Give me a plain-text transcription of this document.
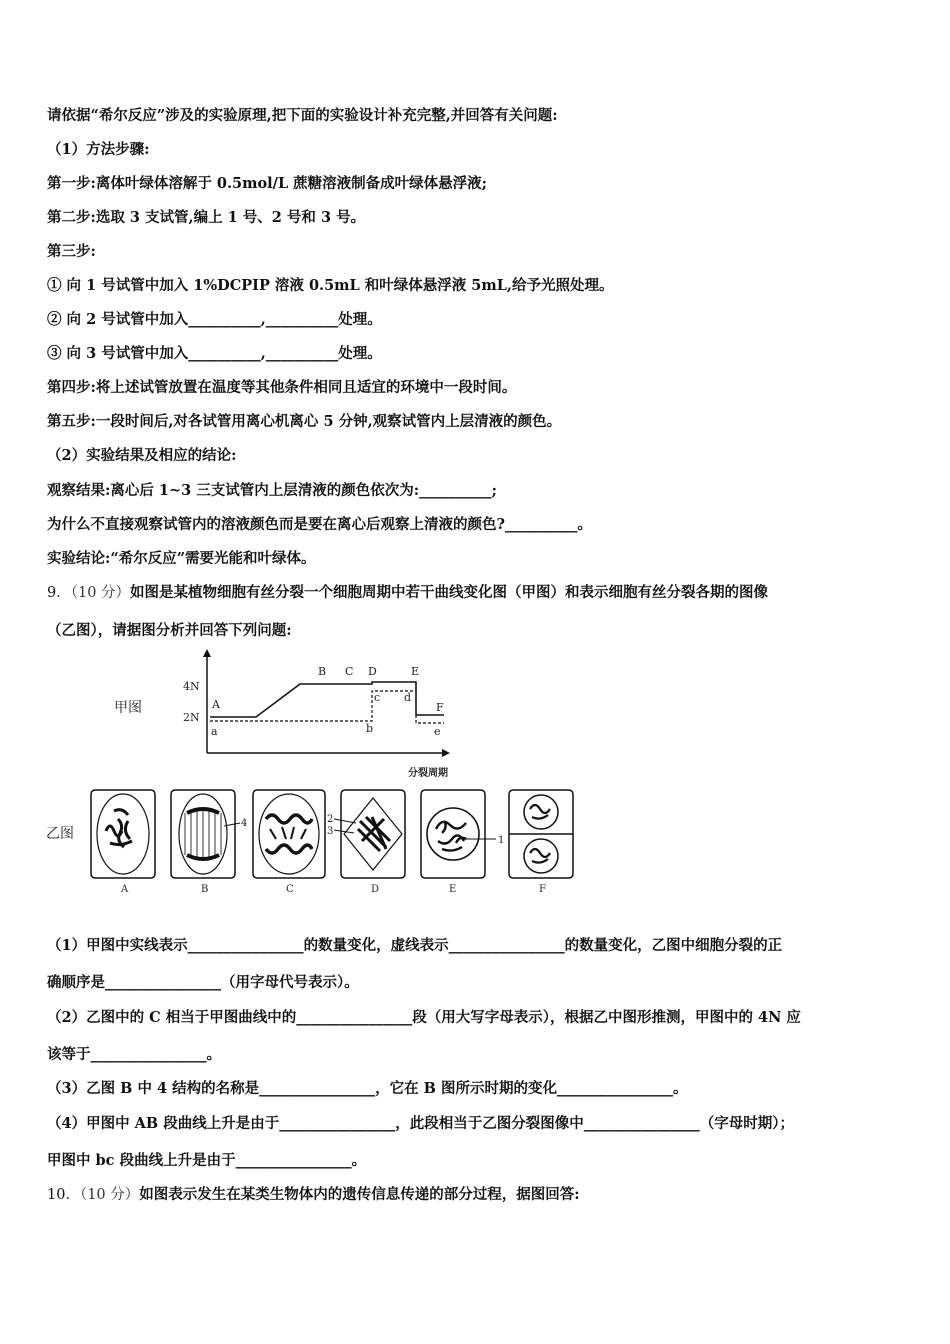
请依据“希尔反应”涉及的实验原理,把下面的实验设计补充完整,并回答有关问题:
（1）方法步骤:
第一步:离体叶绿体溶解于 0.5mol/L 蔗糖溶液制备成叶绿体悬浮液;
第二步:选取 3 支试管,编上 1 号、2 号和 3 号。
第三步:
① 向 1 号试管中加入 1%DCPIP 溶液 0.5mL 和叶绿体悬浮液 5mL,给予光照处理。
② 向 2 号试管中加入__________,__________处理。
③ 向 3 号试管中加入__________,__________处理。
第四步:将上述试管放置在温度等其他条件相同且适宜的环境中一段时间。
第五步:一段时间后,对各试管用离心机离心 5 分钟,观察试管内上层清液的颜色。
（2）实验结果及相应的结论:
观察结果:离心后 1~3 三支试管内上层清液的颜色依次为:__________;
为什么不直接观察试管内的溶液颜色而是要在离心后观察上清液的颜色?__________。
实验结论:“希尔反应”需要光能和叶绿体。
9．（10 分）如图是某植物细胞有丝分裂一个细胞周期中若干曲线变化图（甲图）和表示细胞有丝分裂各期的图像
（乙图），请据图分析并回答下列问题:
甲图
4N
2N
分裂周期
A
B C D	E
F
a	b
c d
e
乙图
A
4
B	C
2
3
D
1
E	F
（1）甲图中实线表示________________的数量变化，虚线表示________________的数量变化，乙图中细胞分裂的正
确顺序是________________（用字母代号表示）。
（2）乙图中的 C 相当于甲图曲线中的________________段（用大写字母表示），根据乙中图形推测，甲图中的 4N 应
该等于________________。
（3）乙图 B 中 4 结构的名称是________________，它在 B 图所示时期的变化________________。
（4）甲图中 AB 段曲线上升是由于________________，此段相当于乙图分裂图像中________________（字母时期）；
甲图中 bc 段曲线上升是由于________________。
10．（10 分）如图表示发生在某类生物体内的遗传信息传递的部分过程，据图回答:
